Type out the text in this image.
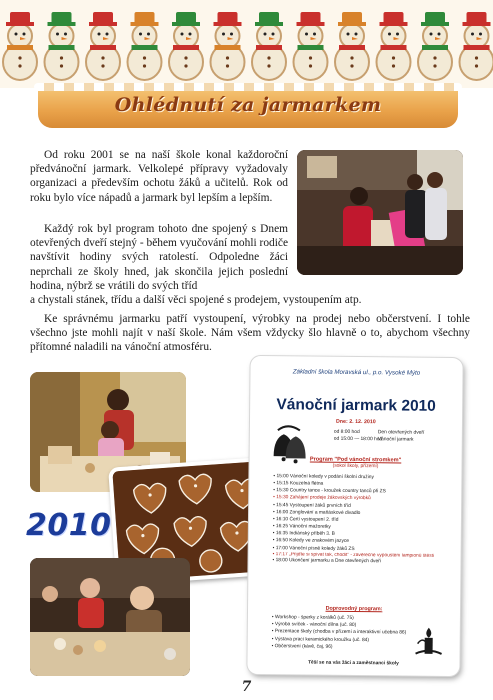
Ohlédnutí za jarmarkem

Od roku 2001 se na naší škole konal každoroční předvánoční jarmark. Velkolepé přípravy vyžadovaly organizaci a především ochotu žáků a učitelů. Rok od roku bylo více nápadů a jarmark byl lepším a lepším.

Každý rok byl program tohoto dne spojený s Dnem otevřených dveří stejný - během vyučování mohli rodiče navštívit hodiny svých ratolestí. Odpoledne žáci neprchali ze školy hned, jak skončila jejich poslední hodina, nýbrž se vrátili do svých tříd

a chystali stánek, třídu a další věci spojené s prodejem, vystoupením atp.

Ke správnému jarmarku patří vystoupení, výrobky na prodej nebo občerstvení. I tohle všechno jste mohli najít v naší škole. Nám všem vždycky šlo hlavně o to, abychom všechny přítomné naladili na vánoční atmosféru.

2010
Základní škola Moravská ul., p.o. Vysoké Mýto
Vánoční jarmark 2010
Dne: 2. 12. 2010
od 8:00 hod
od 15:00 — 18:00 hod
Den otevřených dveří
Vánoční jarmark
Program "Pod vánoční stromkem"
(sokol školy, přízemí)
• 15:00 Vánoční koledy v podání školní družiny
• 15:15 Kouzelná flétna
• 15:30 Country tance - kroužek country tanců při ZS
• 15:30 Zahájení prodeje žákovských výrobků
• 15:45 Vystoupení žáků prvních tříd
• 16:00 Zonglování a maňáskové divadlo
• 16:10 Čertí vystoupení 2. tříd
• 16:25 Vánoční mažoretky
• 16:35 Indiánský příběh 3. B
• 16:50 Koledy ve znakovém jazyce
• 17:00 Vánoční písně koledy žáků ZS
• 17:17 „Přijďte si spívat tak, chodit" - závěrečné vypouštění lampionů štěstí
• 18:00 Ukončení jarmarku a Dne otevřených dveří
Doprovodný program:
• Workshop - šperky z korálků (uč. 75)
• Výroba svíček - vánoční dílna (uč. 80)
• Prezentace školy (chodba v přízemí a interaktivní učebna 86)
• Výstava prací keramického kroužku (uč. 84)
• Občerstvení (kávě, čaj, 96)
Těší se na vás žáci a zaměstnanci školy
7
